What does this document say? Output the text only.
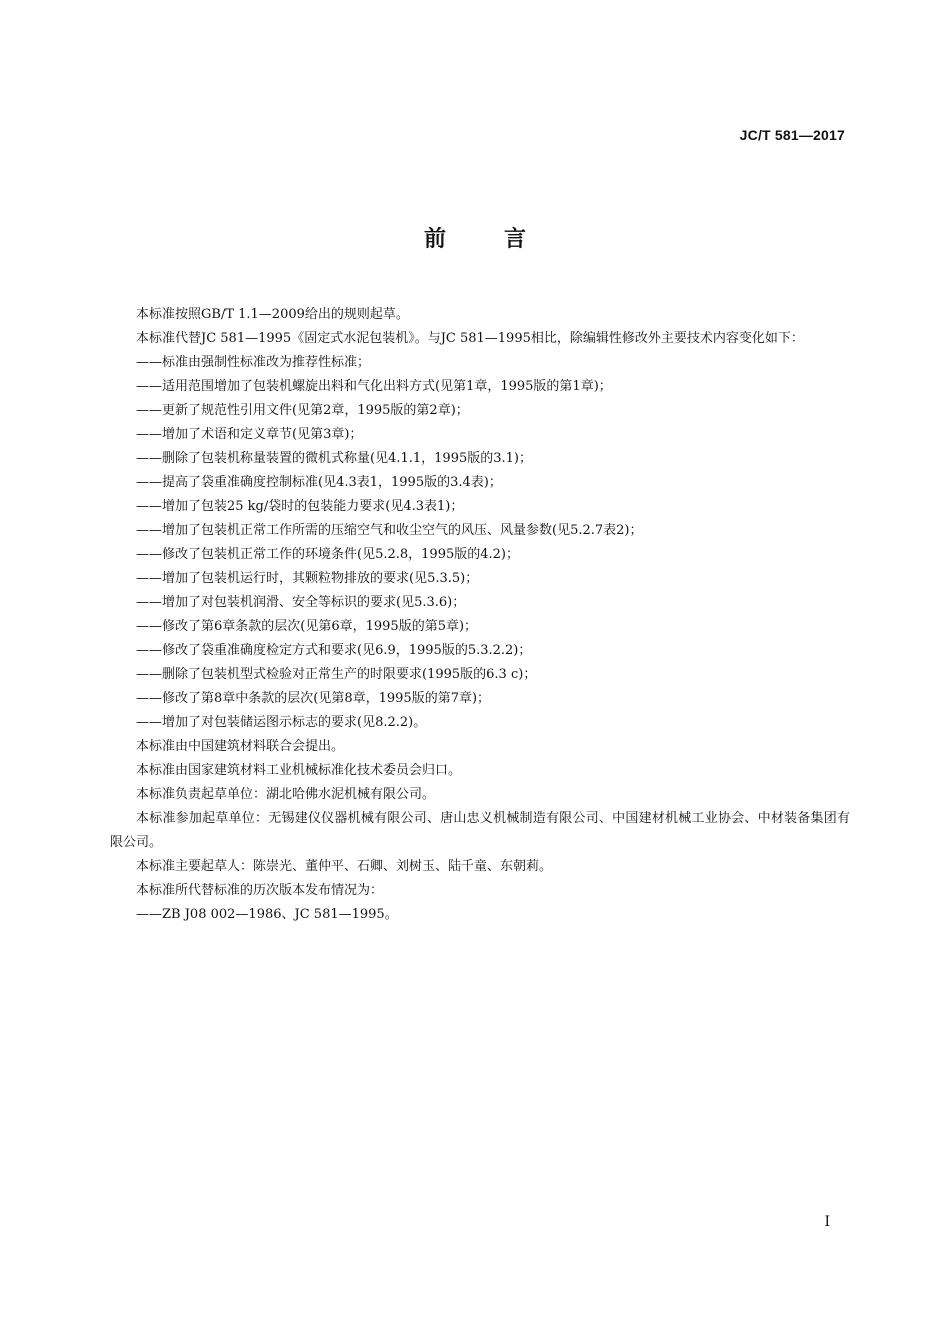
JC/T 581—2017
前言

本标准按照GB/T 1.1—2009给出的规则起草。

本标准代替JC 581—1995《固定式水泥包装机》。与JC 581—1995相比，除编辑性修改外主要技术内容变化如下：

——标准由强制性标准改为推荐性标准；

——适用范围增加了包装机螺旋出料和气化出料方式(见第1章，1995版的第1章)；

——更新了规范性引用文件(见第2章，1995版的第2章)；

——增加了术语和定义章节(见第3章)；

——删除了包装机称量装置的微机式称量(见4.1.1，1995版的3.1)；

——提高了袋重准确度控制标准(见4.3表1，1995版的3.4表)；

——增加了包装25 kg/袋时的包装能力要求(见4.3表1)；

——增加了包装机正常工作所需的压缩空气和收尘空气的风压、风量参数(见5.2.7表2)；

——修改了包装机正常工作的环境条件(见5.2.8，1995版的4.2)；

——增加了包装机运行时，其颗粒物排放的要求(见5.3.5)；

——增加了对包装机润滑、安全等标识的要求(见5.3.6)；

——修改了第6章条款的层次(见第6章，1995版的第5章)；

——修改了袋重准确度检定方式和要求(见6.9，1995版的5.3.2.2)；

——删除了包装机型式检验对正常生产的时限要求(1995版的6.3 c)；

——修改了第8章中条款的层次(见第8章，1995版的第7章)；

——增加了对包装储运图示标志的要求(见8.2.2)。

本标准由中国建筑材料联合会提出。

本标准由国家建筑材料工业机械标准化技术委员会归口。

本标准负责起草单位：湖北哈佛水泥机械有限公司。

本标准参加起草单位：无锡建仪仪器机械有限公司、唐山忠义机械制造有限公司、中国建材机械工业协会、中材装备集团有限公司。

本标准主要起草人：陈崇光、董仲平、石卿、刘树玉、陆千童、东朝莉。

本标准所代替标准的历次版本发布情况为：

——ZB J08 002—1986、JC 581—1995。

I
